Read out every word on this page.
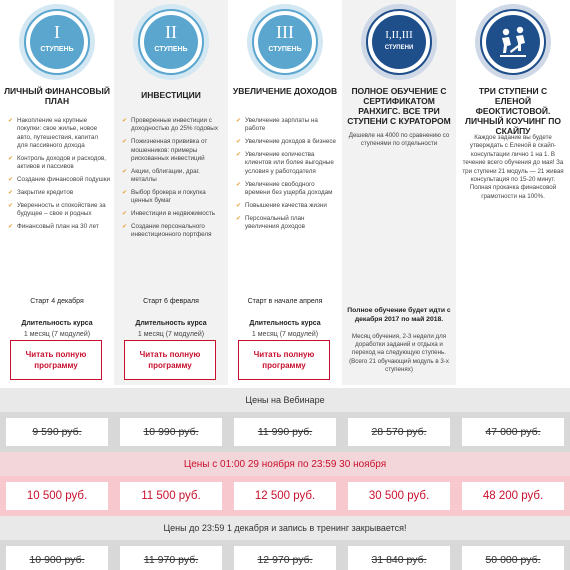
I
СТУПЕНЬ
ЛИЧНЫЙ ФИНАНСОВЫЙ ПЛАН
✔ Накопление на крупные покупки: свое жилье, новое авто, путешествия, капитал для пассивного дохода
✔ Контроль доходов и расходов, активов и пассивов
✔ Создание финансовой подушки
✔ Закрытие кредитов
✔ Уверенность и спокойствие за будущее – свое и родных
✔ Финансовый план на 30 лет
Старт 4 декабря
Длительность курса
1 месяц (7 модулей)
Читать полную программу
II
СТУПЕНЬ
ИНВЕСТИЦИИ
✔ Проверенные инвестиции с доходностью до 25% годовых
✔ Пожизненная прививка от мошенников: примеры рискованных инвестиций
✔ Акции, облигации, драг. металлы
✔ Выбор брокера и покупка ценных бумаг
✔ Инвестиции в недвижимость
✔ Создание персонального инвестиционного портфеля
Старт 6 февраля
Длительность курса
1 месяц (7 модулей)
Читать полную программу
III
СТУПЕНЬ
УВЕЛИЧЕНИЕ ДОХОДОВ
✔ Увеличение зарплаты на работе
✔ Увеличение доходов в бизнесе
✔ Увеличение количества клиентов или более выгодные условия у работодателя
✔ Увеличение свободного времени без ущерба доходам
✔ Повышение качества жизни
✔ Персональный план увеличения доходов
Старт в начале апреля
Длительность курса
1 месяц (7 модулей)
Читать полную программу
I,II,III
СТУПЕНИ
ПОЛНОЕ ОБУЧЕНИЕ С СЕРТИФИКАТОМ РАНХИГС. ВСЕ ТРИ СТУПЕНИ С КУРАТОРОМ
Дешевле на 4000 по сравнению со ступенями по отдельности
Полное обучение будет идти с декабря 2017 по май 2018.
Месяц обучения, 2-3 недели для доработки заданий и отдыха и переход на следующую ступень. (Всего 21 обучающий модуль в 3-х ступенях)
ТРИ СТУПЕНИ С ЕЛЕНОЙ ФЕОКТИСТОВОЙ. ЛИЧНЫЙ КОУЧИНГ ПО СКАЙПУ
Каждое задание вы будете утверждать с Еленой в скайп-консультации лично 1 на 1. В течение всего обучения до мая! За три ступени 21 модуль — 21 живая консультация по 15-20 минут. Полная прокачка финансовой грамотности на 100%.
Цены на Вебинаре
9 590 руб.	10 990 руб.	11 990 руб.	28 570 руб.	47 000 руб.
Цены с 01:00 29 ноября по 23:59 30 ноября
10 500 руб.	11 500 руб.	12 500 руб.	30 500 руб.	48 200 руб.
Цены до 23:59 1 декабря и запись в тренинг закрывается!
10 900 руб.	11 970 руб.	12 970 руб.	31 840 руб.	50 000 руб.
